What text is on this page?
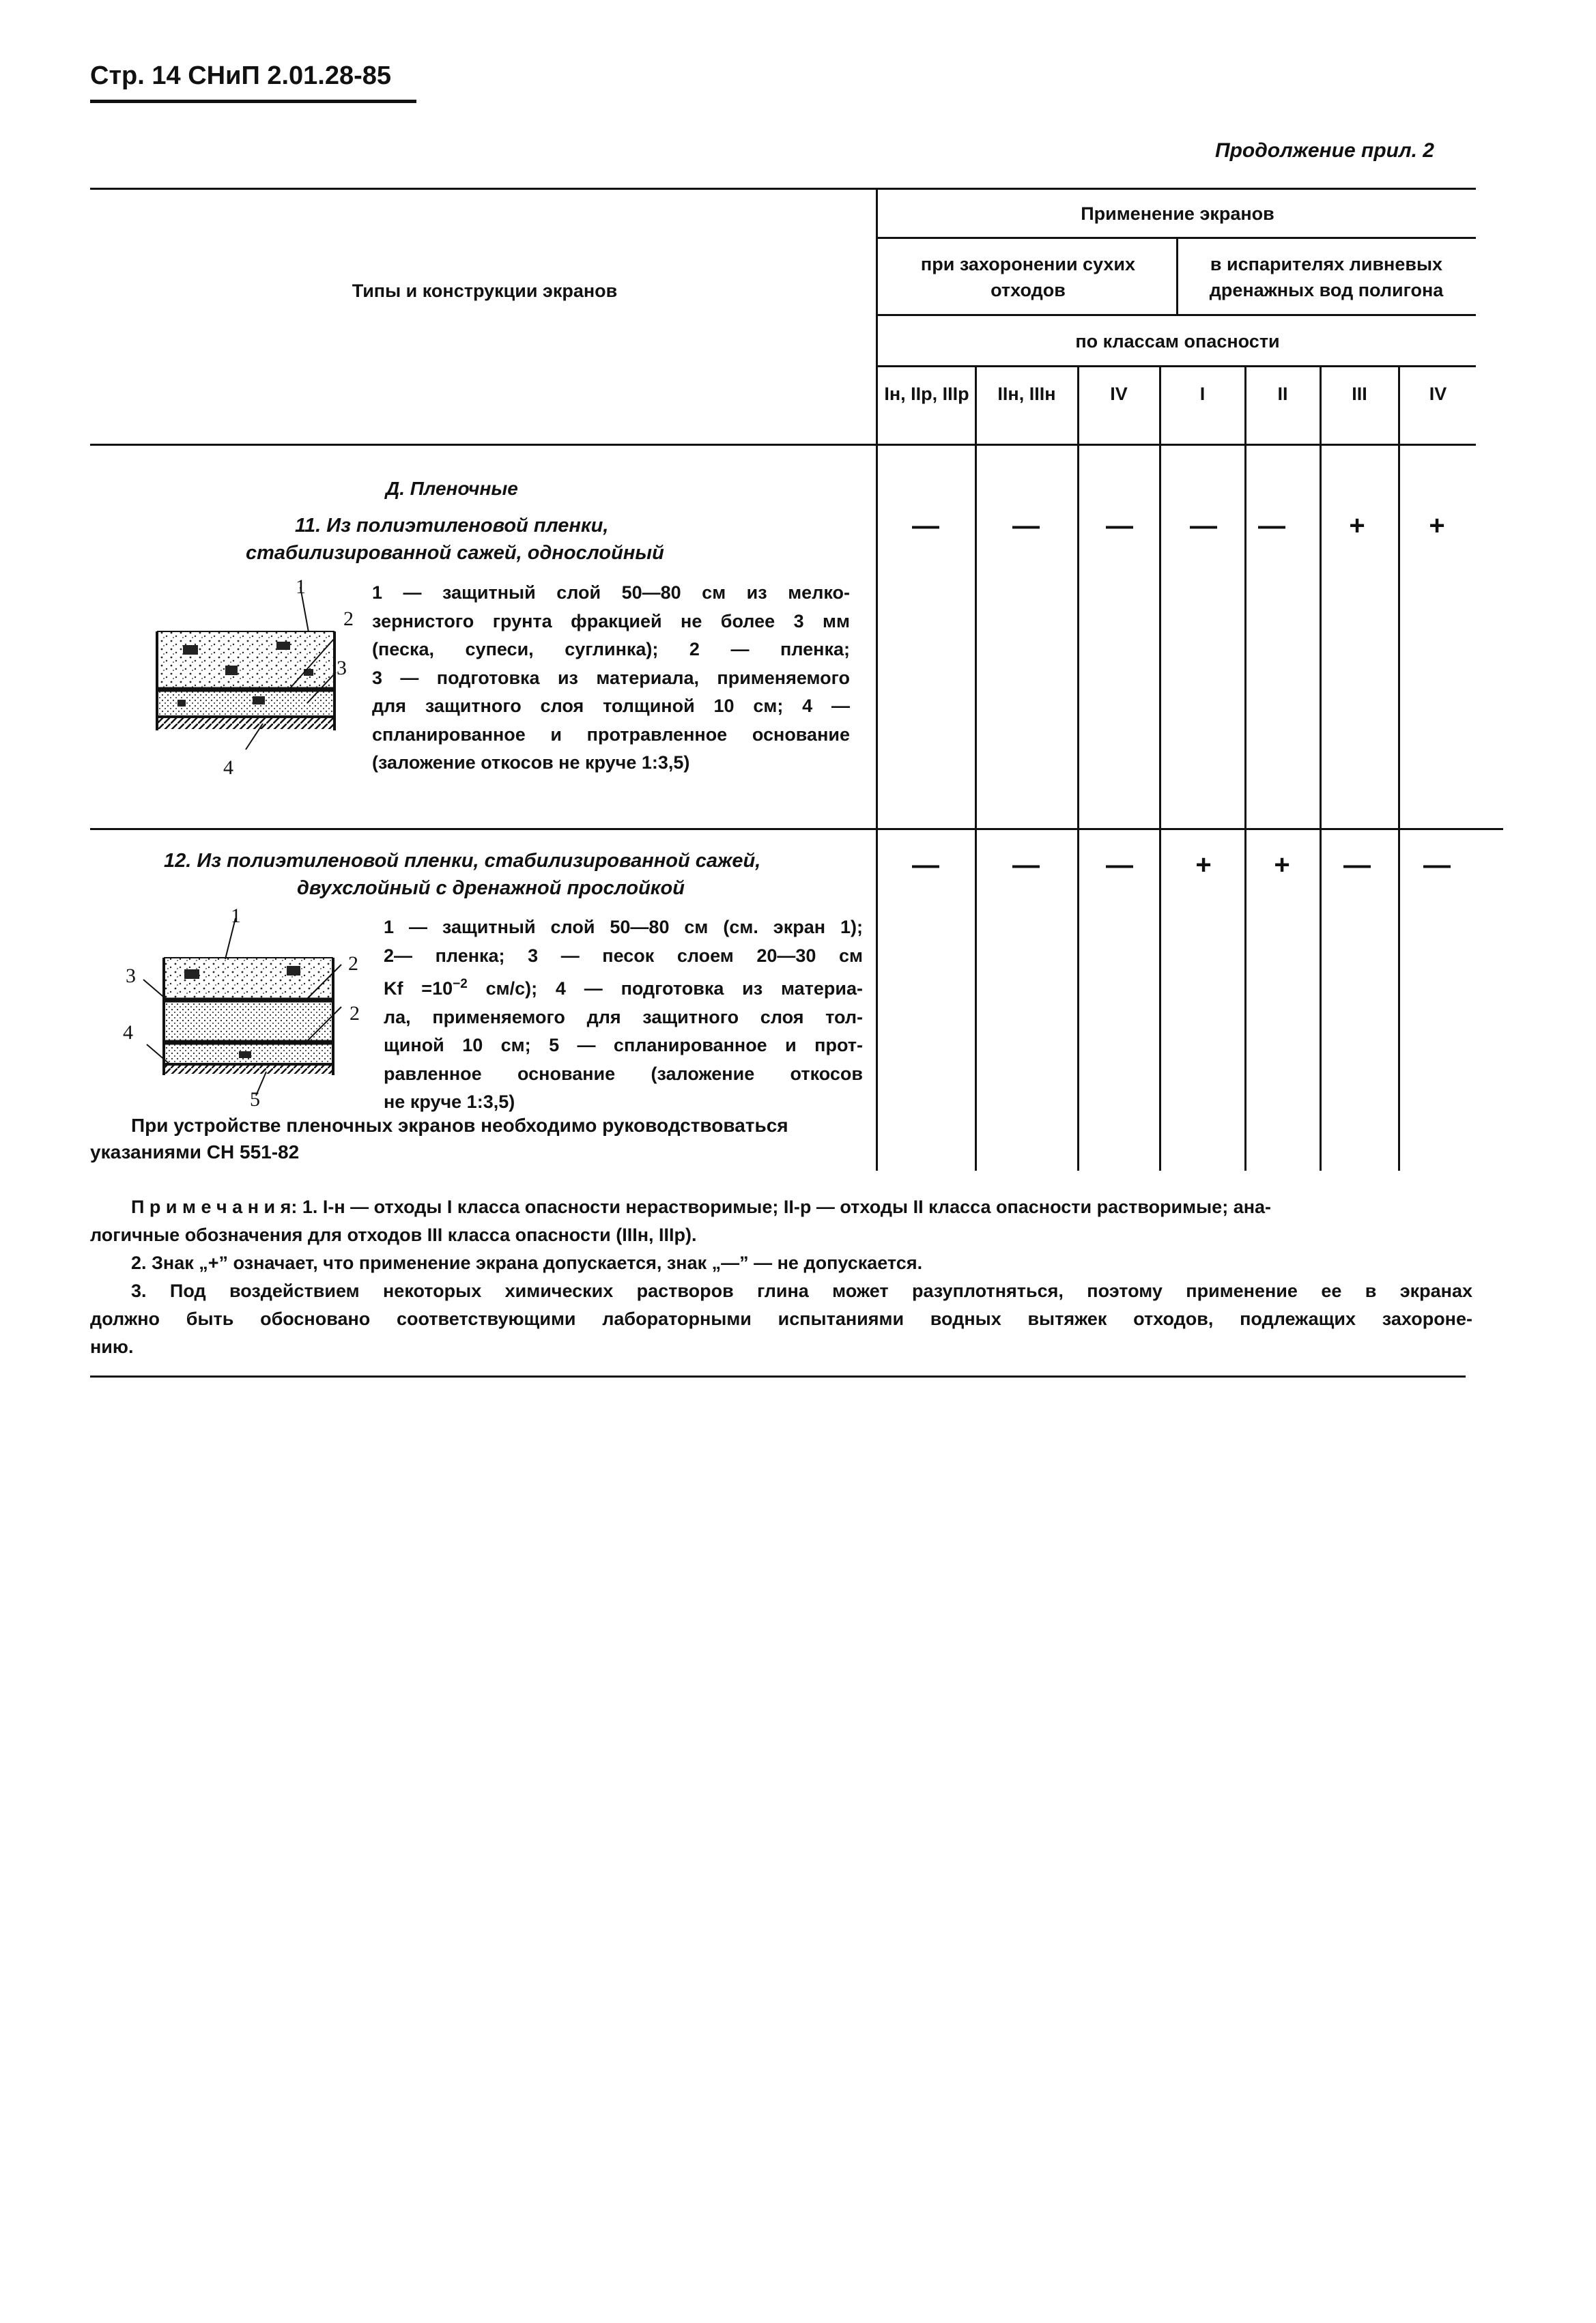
Стр. 14 СНиП 2.01.28-85
Продолжение прил. 2
Типы и конструкции экранов
Применение экранов
при захоронении сухих отходов
в испарителях ливневых дренажных вод полигона
по классам опасности
Iн, IIр, IIIр	IIн, IIIн	IV	I	II	III	IV
Д. Пленочные
11. Из полиэтиленовой пленки,
стабилизированной сажей, однослойный
1
2
3
4
1 — защитный слой 50—80 см из мелко-
зернистого грунта фракцией не более 3 мм
(песка, супеси, суглинка); 2 — пленка;
3 — подготовка из материала, применяемого
для защитного слоя толщиной 10 см; 4 —
спланированное и протравленное основание
(заложение откосов не круче 1:3,5)
—	—	—	—	—	+	+
12. Из полиэтиленовой пленки, стабилизированной сажей,
двухслойный с дренажной прослойкой
1
2
3
2
4
5
1 — защитный слой 50—80 см (см. экран 1);
2— пленка; 3 — песок слоем 20—30 см
$Kf =10^{-2}$ см/с); 4 — подготовка из материа-
ла, применяемого для защитного слоя тол-
щиной 10 см; 5 — спланированное и прот-
равленное основание (заложение откосов
не круче 1:3,5)
—	—	—	+	+	—	—
При устройстве пленочных экранов необходимо руководствоваться
указаниями СН 551-82
П р и м е ч а н и я: 1. I-н — отходы I класса опасности нерастворимые; II-р — отходы II класса опасности растворимые; ана-
логичные обозначения для отходов III класса опасности (IIIн, IIIр).
2. Знак „+” означает, что применение экрана допускается, знак „—” — не допускается.
3. Под воздействием некоторых химических растворов глина может разуплотняться, поэтому применение ее в экранах
должно быть обосновано соответствующими лабораторными испытаниями водных вытяжек отходов, подлежащих захороне-
нию.
